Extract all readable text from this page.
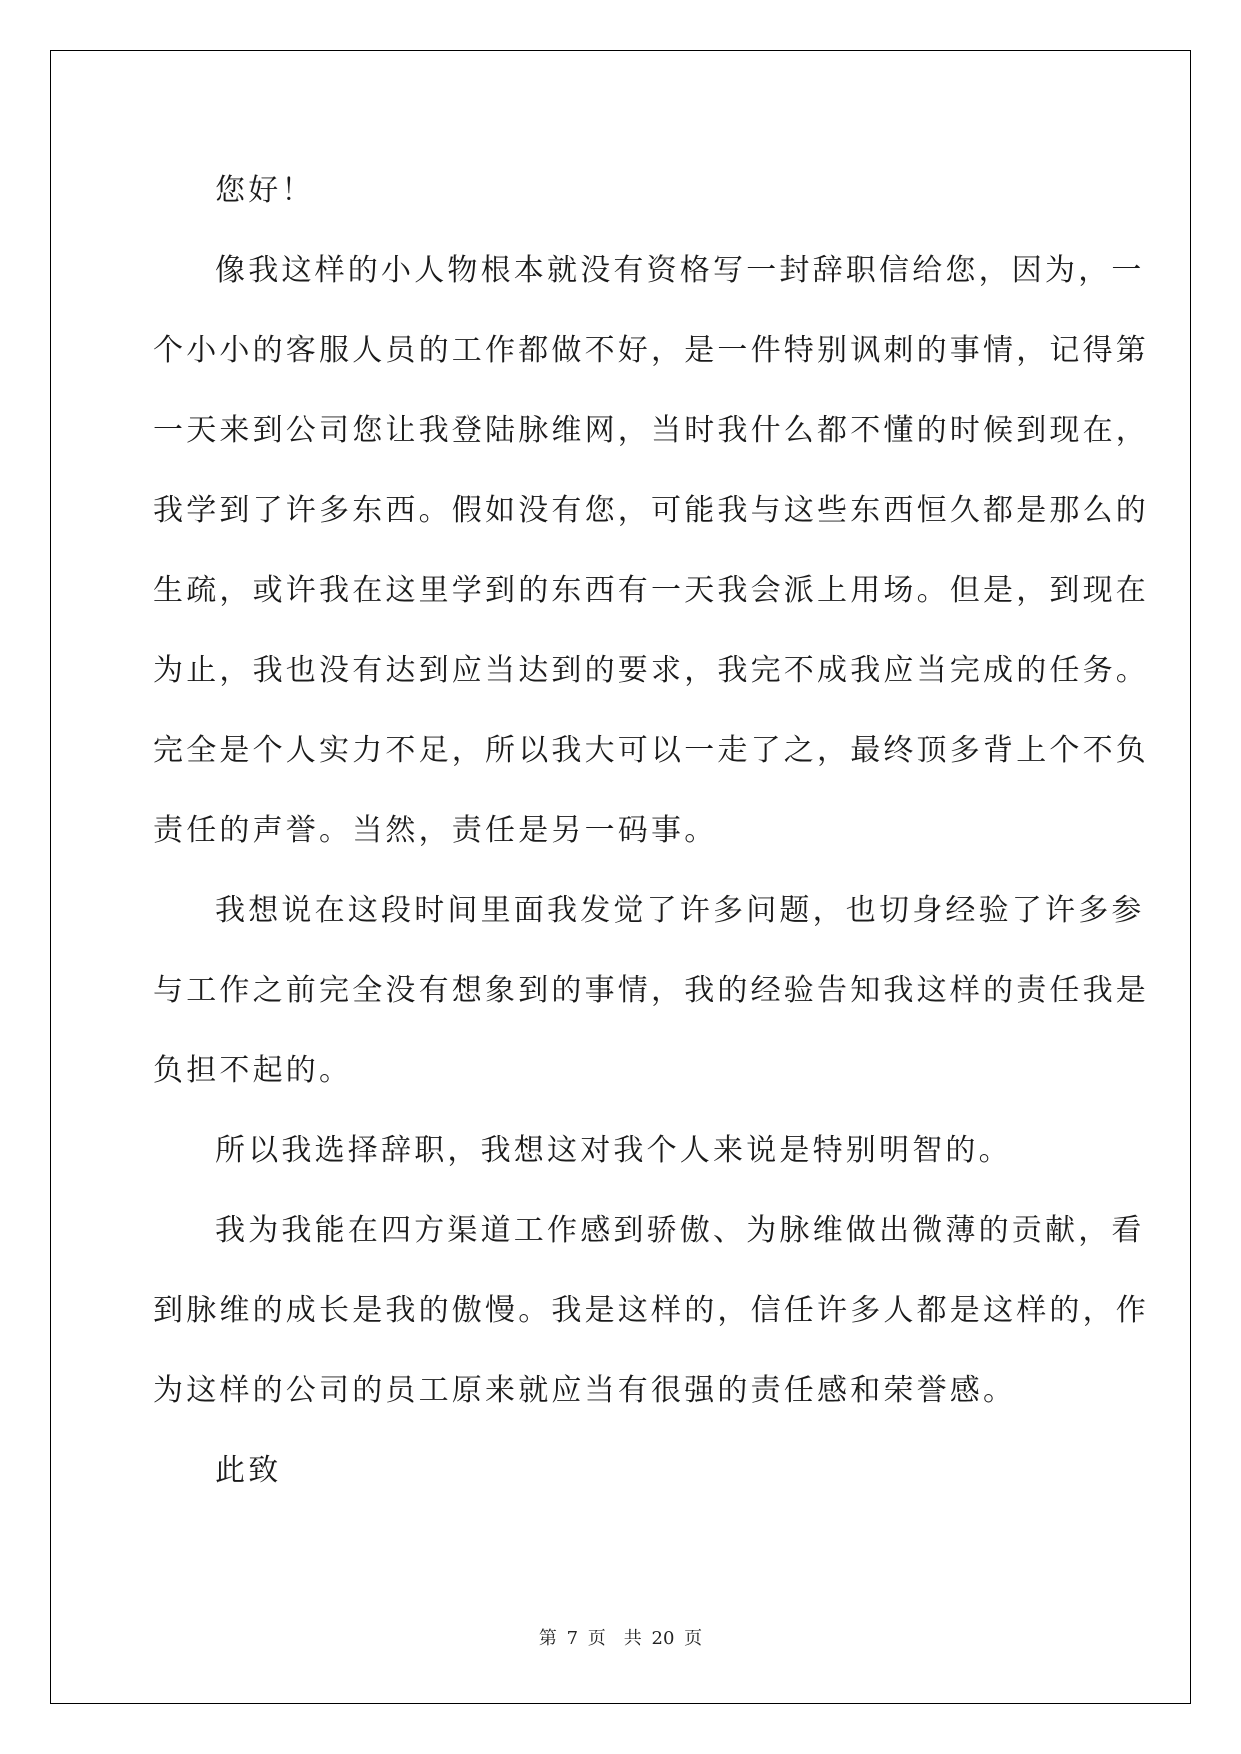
您好！
像我这样的小人物根本就没有资格写一封辞职信给您，因为，一
个小小的客服人员的工作都做不好，是一件特别讽刺的事情，记得第
一天来到公司您让我登陆脉维网，当时我什么都不懂的时候到现在，
我学到了许多东西。假如没有您，可能我与这些东西恒久都是那么的
生疏，或许我在这里学到的东西有一天我会派上用场。但是，到现在
为止，我也没有达到应当达到的要求，我完不成我应当完成的任务。
完全是个人实力不足，所以我大可以一走了之，最终顶多背上个不负
责任的声誉。当然，责任是另一码事。
我想说在这段时间里面我发觉了许多问题，也切身经验了许多参
与工作之前完全没有想象到的事情，我的经验告知我这样的责任我是
负担不起的。
所以我选择辞职，我想这对我个人来说是特别明智的。
我为我能在四方渠道工作感到骄傲、为脉维做出微薄的贡献，看
到脉维的成长是我的傲慢。我是这样的，信任许多人都是这样的，作
为这样的公司的员工原来就应当有很强的责任感和荣誉感。
此致
第 7 页　共 20 页
